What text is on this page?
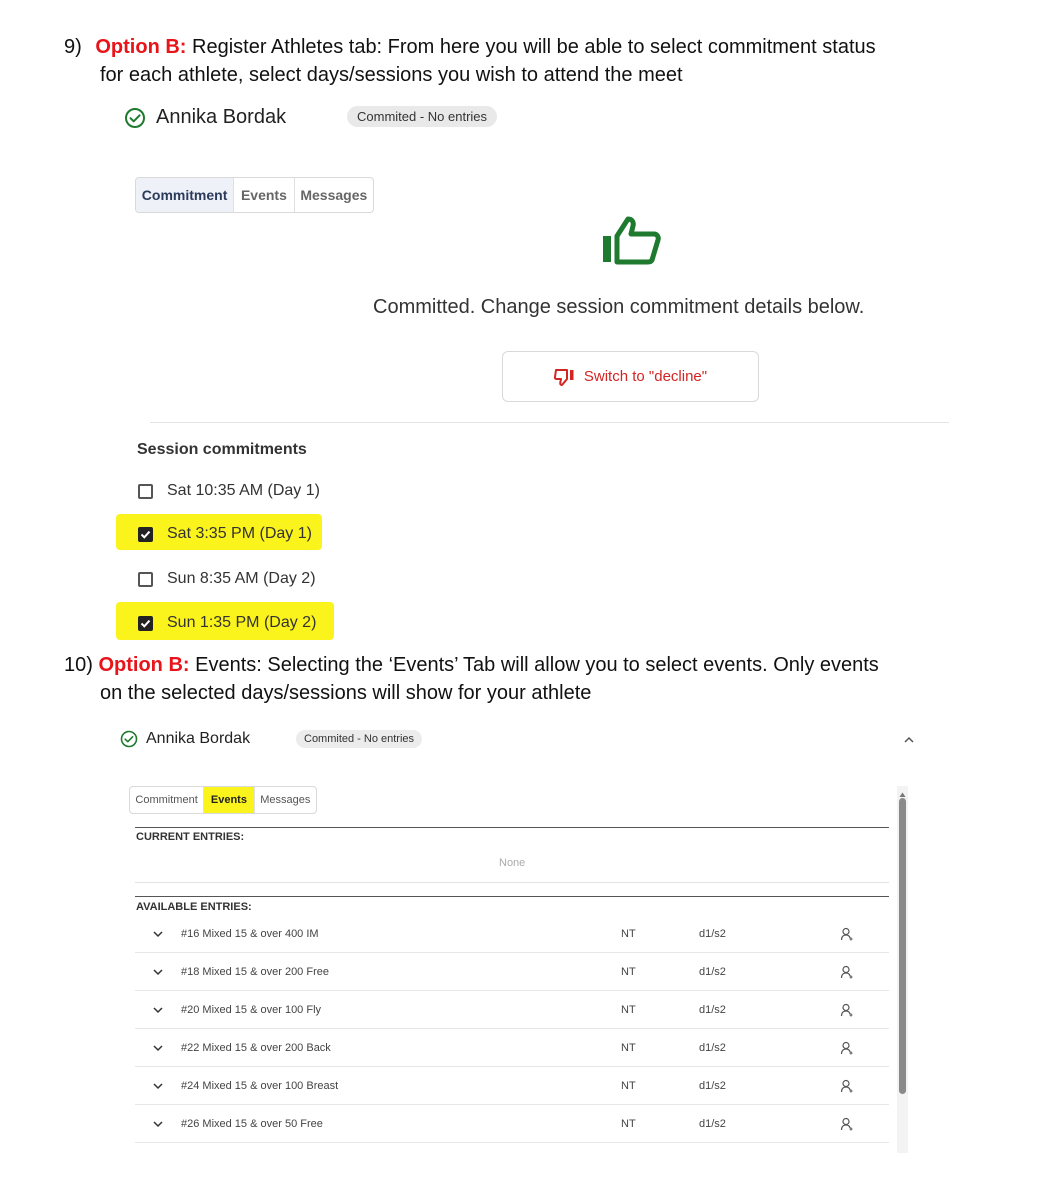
9) Option B: Register Athletes tab: From here you will be able to select commitment status
for each athlete, select days/sessions you wish to attend the meet
Annika Bordak	Commited - No entries
Commitment Events Messages
Committed. Change session commitment details below.
Switch to "decline"
Session commitments
Sat 10:35 AM (Day 1)
Sat 3:35 PM (Day 1)
Sun 8:35 AM (Day 2)
Sun 1:35 PM (Day 2)
10) Option B: Events: Selecting the ‘Events’ Tab will allow you to select events. Only events
on the selected days/sessions will show for your athlete
Annika Bordak	Commited - No entries
Commitment	Events	Messages
CURRENT ENTRIES:
None
AVAILABLE ENTRIES:
#16 Mixed 15 & over 400 IM	NT	d1/s2
#18 Mixed 15 & over 200 Free	NT	d1/s2
#20 Mixed 15 & over 100 Fly	NT	d1/s2
#22 Mixed 15 & over 200 Back	NT	d1/s2
#24 Mixed 15 & over 100 Breast	NT	d1/s2
#26 Mixed 15 & over 50 Free	NT	d1/s2
